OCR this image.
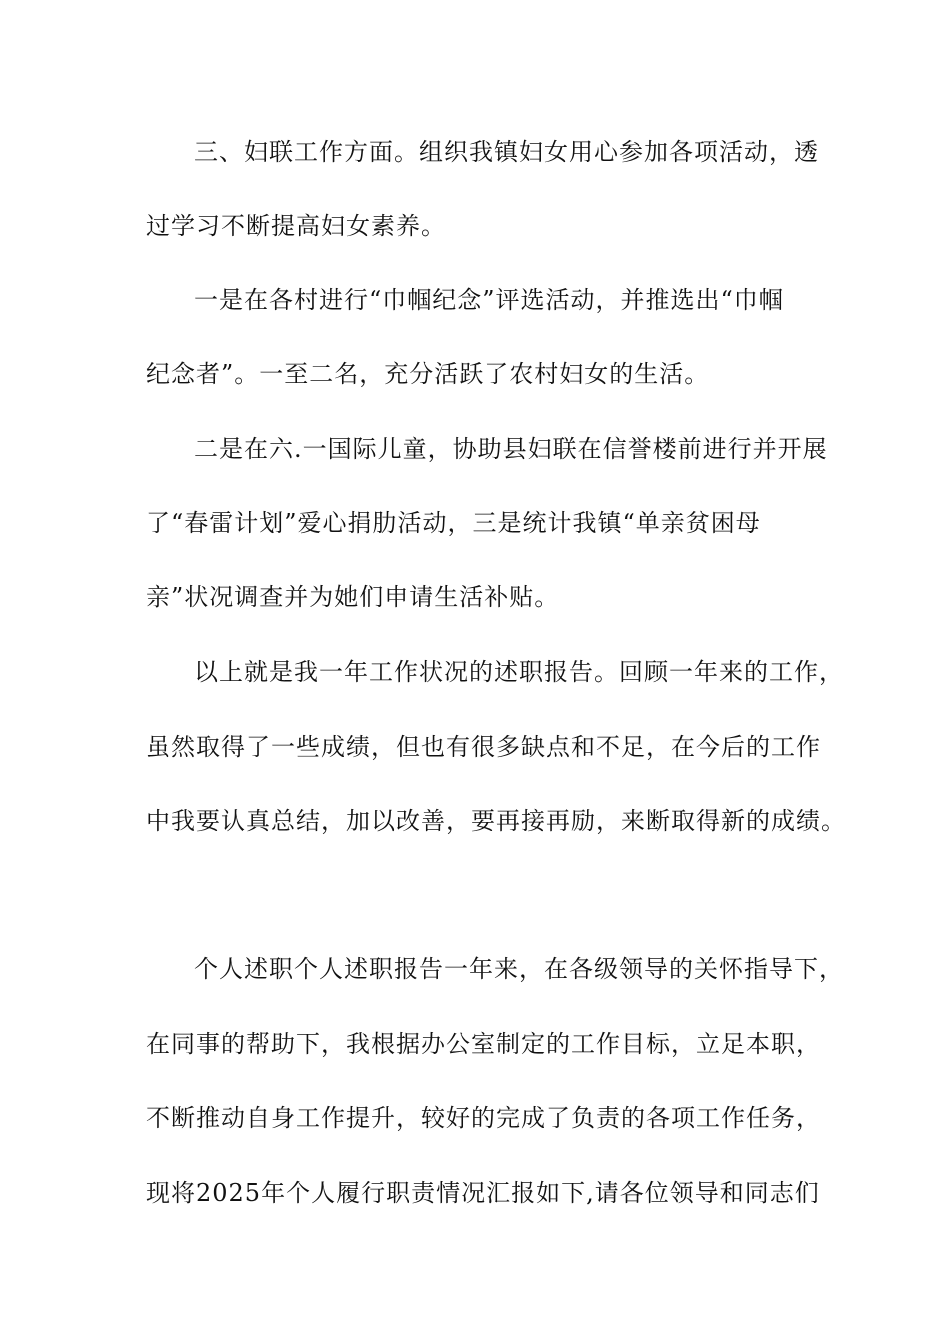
三、妇联工作方面。组织我镇妇女用心参加各项活动，透
过学习不断提高妇女素养。
一是在各村进行“巾帼纪念”评选活动，并推选出“巾帼
纪念者”。一至二名，充分活跃了农村妇女的生活。
二是在六.一国际儿童，协助县妇联在信誉楼前进行并开展
了“春雷计划”爱心捐肋活动，三是统计我镇“单亲贫困母
亲”状况调查并为她们申请生活补贴。
以上就是我一年工作状况的述职报告。回顾一年来的工作，
虽然取得了一些成绩，但也有很多缺点和不足，在今后的工作
中我要认真总结，加以改善，要再接再励，来断取得新的成绩。
个人述职个人述职报告一年来，在各级领导的关怀指导下，
在同事的帮助下，我根据办公室制定的工作目标，立足本职，
不断推动自身工作提升，较好的完成了负责的各项工作任务，
现将2025年个人履行职责情况汇报如下,请各位领导和同志们
